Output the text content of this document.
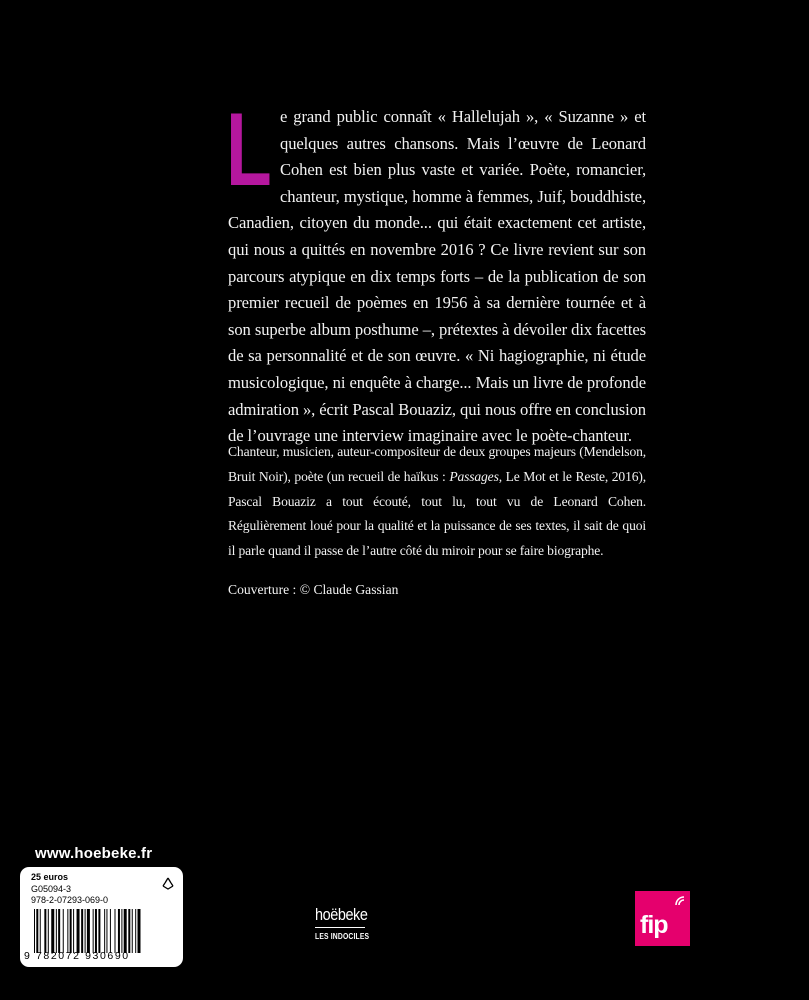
L e grand public connaît « Hallelujah », « Suzanne » et quelques autres chansons. Mais l’œuvre de Leonard Cohen est bien plus vaste et variée. Poète, romancier, chanteur, mystique, homme à femmes, Juif, bouddhiste, Canadien, citoyen du monde... qui était exactement cet artiste, qui nous a quittés en novembre 2016 ? Ce livre revient sur son parcours atypique en dix temps forts – de la publication de son premier recueil de poèmes en 1956 à sa dernière tournée et à son superbe album posthume –, prétextes à dévoiler dix facettes de sa personnalité et de son œuvre. « Ni hagiographie, ni étude musicologique, ni enquête à charge... Mais un livre de profonde admiration », écrit Pascal Bouaziz, qui nous offre en conclusion de l’ouvrage une interview imaginaire avec le poète-chanteur.
Chanteur, musicien, auteur-compositeur de deux groupes majeurs (Mendelson, Bruit Noir), poète (un recueil de haïkus : Passages, Le Mot et le Reste, 2016), Pascal Bouaziz a tout écouté, tout lu, tout vu de Leonard Cohen. Régulièrement loué pour la qualité et la puissance de ses textes, il sait de quoi il parle quand il passe de l’autre côté du miroir pour se faire biographe.
Couverture : © Claude Gassian
www.hoebeke.fr
25 euros
G05094-3
978-2-07293-069-0
9 782072 930690
hoëbeke
LES INDOCILES	fip
